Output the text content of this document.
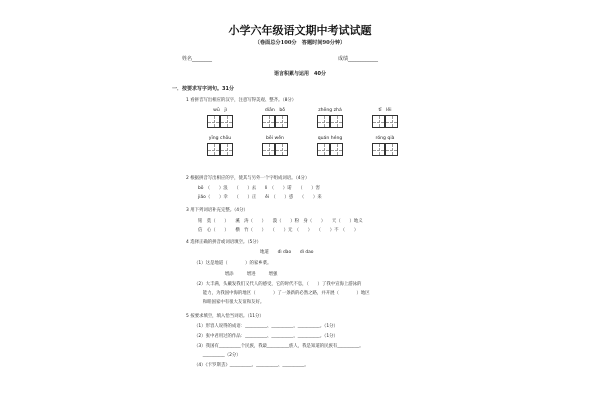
小学六年级语文期中考试试题
（卷面总分100分　答题时间90分钟）
姓名________	成绩____________
语言积累与运用　40分
一．按要求写字词句。31分
1 看拼音写出相应的汉字，注意写得美观、整齐。（8分）
wū　jì	diān　bǒ	zhēng zhá	tī　lěi
yīng chōu	bēi wěn	quán héng	róng qià
2 根据拼音写出相应的字，使其与另外一个字组成词语。（4分）
bō　（　　）浪　　（　　）去　　lì　（　　）诺　　（　　）害
jiǎo（　　）幸　　（　　）正　　ěi　（　　）惑　　（　　）来
3 用下列词语补充完整。（4分）
铭　莫（　　）　　溪　涛（　　）　　漠（　　）粉　身（　　）　　天（　　）地义
信　心（　　）　　横　竹（　　）　　（　　）无　（　　）　　（　　）不　（　　）
4 选择正确的拼音或词语填空。（5分）
地道　　dì dào　　dì dao
（1）这是地道（　　　　）的家乡菜。
　　　　　　　增添　　　增进　　　增强
（2）大丰满，头戴发我们又代人的感受，它的时代不息，（　　）了我中宣海上游泳的
　　能力，为我国中海的地区（　　　　）了一条新的必然之路，并开展（　　　　）地区
　　和睦国家中有很大友谊和友好。
5 按要求填空，填入恰当词语。（11分）
（1）形容人说得的成语：__________、__________、__________。（1分）
（2）张中君用过的作品：__________、__________、__________。（1分）
（3）我国有__________个民族，我最__________族人，我是知道的民族有__________。
　　__________（2分）
（4）《卡罗斯丢》__________、__________、__________。
